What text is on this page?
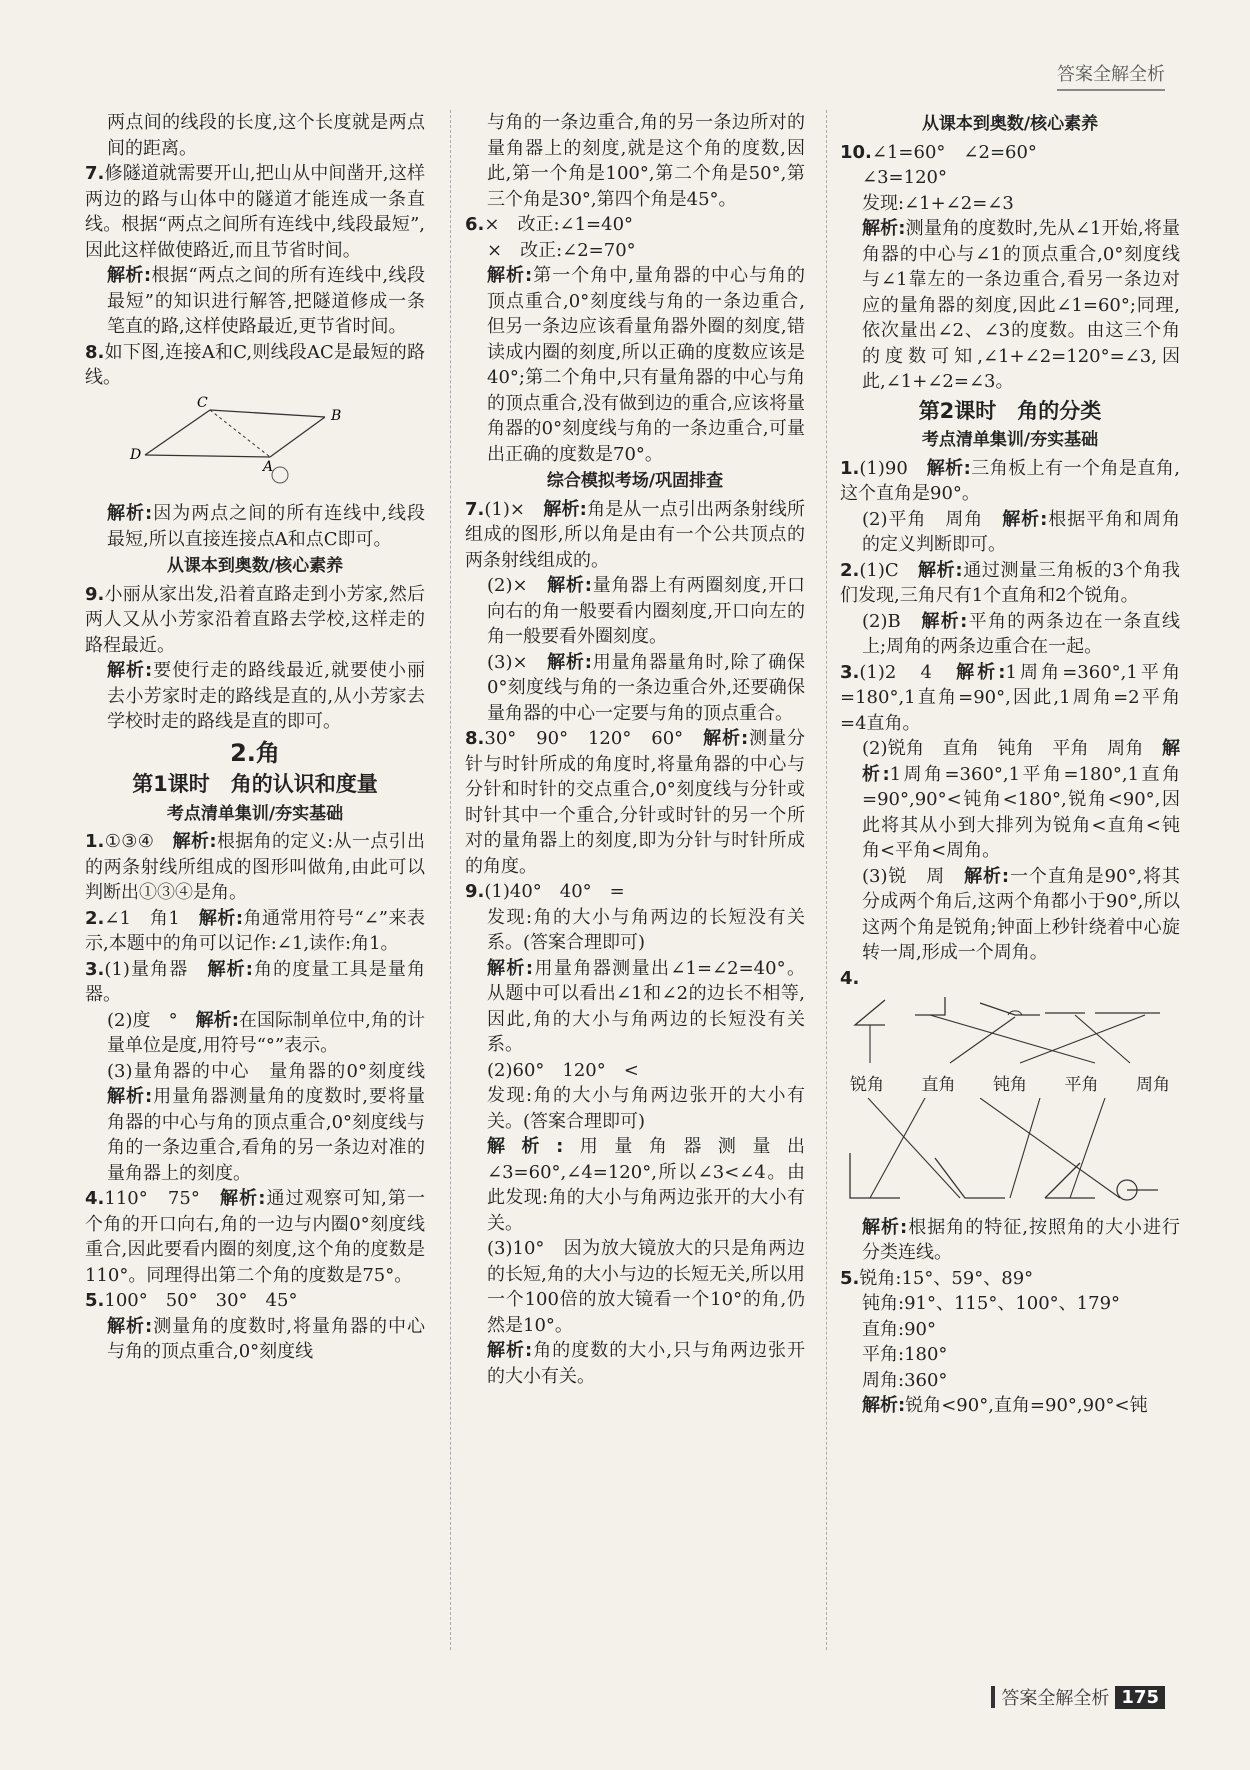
答案全解全析

两点间的线段的长度,这个长度就是两点间的距离。

7.修隧道就需要开山,把山从中间凿开,这样两边的路与山体中的隧道才能连成一条直线。根据“两点之间所有连线中,线段最短”,因此这样做使路近,而且节省时间。

解析:根据“两点之间的所有连线中,线段最短”的知识进行解答,把隧道修成一条笔直的路,这样使路最近,更节省时间。

8.如下图,连接A和C,则线段AC是最短的路线。

C
B
D
A

解析:因为两点之间的所有连线中,线段最短,所以直接连接点A和点C即可。

从课本到奥数/核心素养

9.小丽从家出发,沿着直路走到小芳家,然后两人又从小芳家沿着直路去学校,这样走的路程最近。

解析:要使行走的路线最近,就要使小丽去小芳家时走的路线是直的,从小芳家去学校时走的路线是直的即可。

2.角
第1课时　角的认识和度量
考点清单集训/夯实基础

1.①③④　 解析:根据角的定义:从一点引出的两条射线所组成的图形叫做角,由此可以判断出①③④是角。

2.∠1　角1　 解析:角通常用符号“∠”来表示,本题中的角可以记作:∠1,读作:角1。

3.(1)量角器　 解析:角的度量工具是量角器。

(2)度　°　 解析:在国际制单位中,角的计量单位是度,用符号“°”表示。

(3)量角器的中心　量角器的0°刻度线　解析:用量角器测量角的度数时,要将量角器的中心与角的顶点重合,0°刻度线与角的一条边重合,看角的另一条边对准的量角器上的刻度。

4.110°　75°　 解析:通过观察可知,第一个角的开口向右,角的一边与内圈0°刻度线重合,因此要看内圈的刻度,这个角的度数是110°。同理得出第二个角的度数是75°。

5.100°　50°　30°　45°

解析:测量角的度数时,将量角器的中心与角的顶点重合,0°刻度线

与角的一条边重合,角的另一条边所对的量角器上的刻度,就是这个角的度数,因此,第一个角是100°,第二个角是50°,第三个角是30°,第四个角是45°。

6.×　改正:∠1=40°

×　改正:∠2=70°

解析:第一个角中,量角器的中心与角的顶点重合,0°刻度线与角的一条边重合,但另一条边应该看量角器外圈的刻度,错读成内圈的刻度,所以正确的度数应该是40°;第二个角中,只有量角器的中心与角的顶点重合,没有做到边的重合,应该将量角器的0°刻度线与角的一条边重合,可量出正确的度数是70°。

综合模拟考场/巩固排查

7.(1)×　 解析:角是从一点引出两条射线所组成的图形,所以角是由有一个公共顶点的两条射线组成的。

(2)×　 解析:量角器上有两圈刻度,开口向右的角一般要看内圈刻度,开口向左的角一般要看外圈刻度。

(3)×　 解析:用量角器量角时,除了确保0°刻度线与角的一条边重合外,还要确保量角器的中心一定要与角的顶点重合。

8.30°　90°　120°　60°　 解析:测量分针与时针所成的角度时,将量角器的中心与分针和时针的交点重合,0°刻度线与分针或时针其中一个重合,分针或时针的另一个所对的量角器上的刻度,即为分针与时针所成的角度。

9.(1)40°　40°　=

发现:角的大小与角两边的长短没有关系。(答案合理即可)

解析:用量角器测量出∠1=∠2=40°。从题中可以看出∠1和∠2的边长不相等,因此,角的大小与角两边的长短没有关系。

(2)60°　120°　<

发现:角的大小与角两边张开的大小有关。(答案合理即可)

解析:用量角器测量出∠3=60°,∠4=120°,所以∠3<∠4。由此发现:角的大小与角两边张开的大小有关。

(3)10°　因为放大镜放大的只是角两边的长短,角的大小与边的长短无关,所以用一个100倍的放大镜看一个10°的角,仍然是10°。

解析:角的度数的大小,只与角两边张开的大小有关。

从课本到奥数/核心素养

10.∠1=60°　∠2=60°

∠3=120°

发现:∠1+∠2=∠3

解析:测量角的度数时,先从∠1开始,将量角器的中心与∠1的顶点重合,0°刻度线与∠1靠左的一条边重合,看另一条边对应的量角器的刻度,因此∠1=60°;同理,依次量出∠2、∠3的度数。由这三个角的度数可知,∠1+∠2=120°=∠3,因此,∠1+∠2=∠3。

第2课时　角的分类
考点清单集训/夯实基础

1.(1)90　 解析:三角板上有一个角是直角,这个直角是90°。

(2)平角　周角　 解析:根据平角和周角的定义判断即可。

2.(1)C　 解析:通过测量三角板的3个角我们发现,三角尺有1个直角和2个锐角。

(2)B　 解析:平角的两条边在一条直线上;周角的两条边重合在一起。

3.(1)2　4　 解析:1周角=360°,1平角=180°,1直角=90°,因此,1周角=2平角=4直角。

(2)锐角　直角　钝角　平角　周角　 解析:1周角=360°,1平角=180°,1直角=90°,90°<钝角<180°,锐角<90°,因此将其从小到大排列为锐角<直角<钝角<平角<周角。

(3)锐　周　 解析:一个直角是90°,将其分成两个角后,这两个角都小于90°,所以这两个角是锐角;钟面上秒针绕着中心旋转一周,形成一个周角。

4.

锐角 直角 钝角 平角 周角

解析:根据角的特征,按照角的大小进行分类连线。

5.锐角:15°、59°、89°

钝角:91°、115°、100°、179°

直角:90°

平角:180°

周角:360°

解析:锐角<90°,直角=90°,90°<钝

答案全解全析 175
